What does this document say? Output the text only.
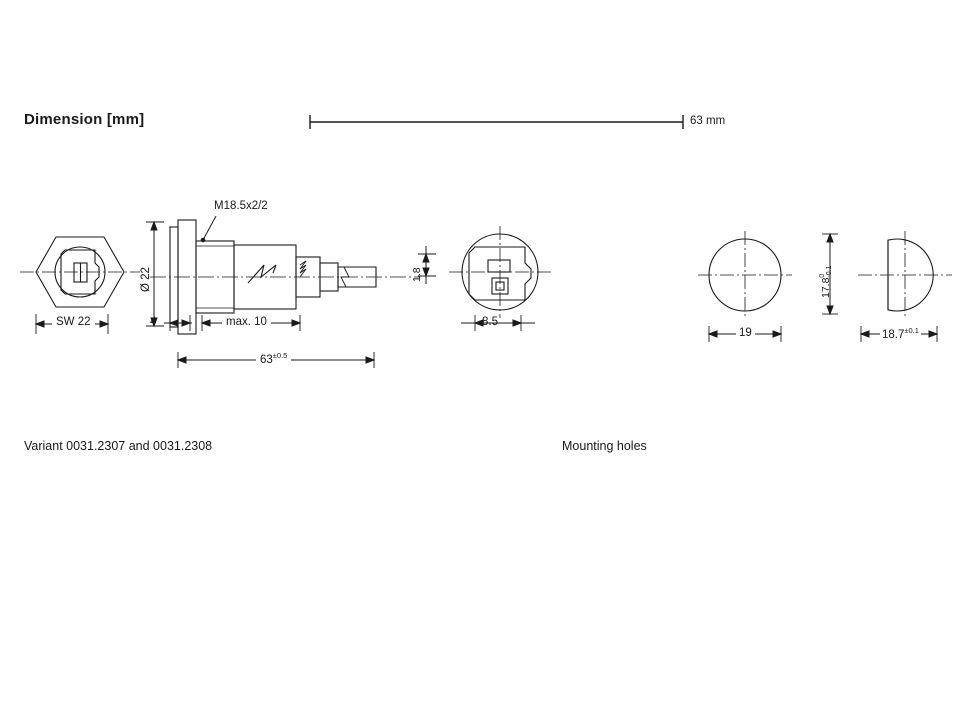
Dimension [mm]	63 mm
SW 22
M18.5x2/2
Ø 22
4	max. 10
$63^{\pm 0.5}$
1.8
8.5
19
17.8
0 -0.1
$18.7^{\pm 0.1}$
Variant 0031.2307 and 0031.2308	Mounting holes
